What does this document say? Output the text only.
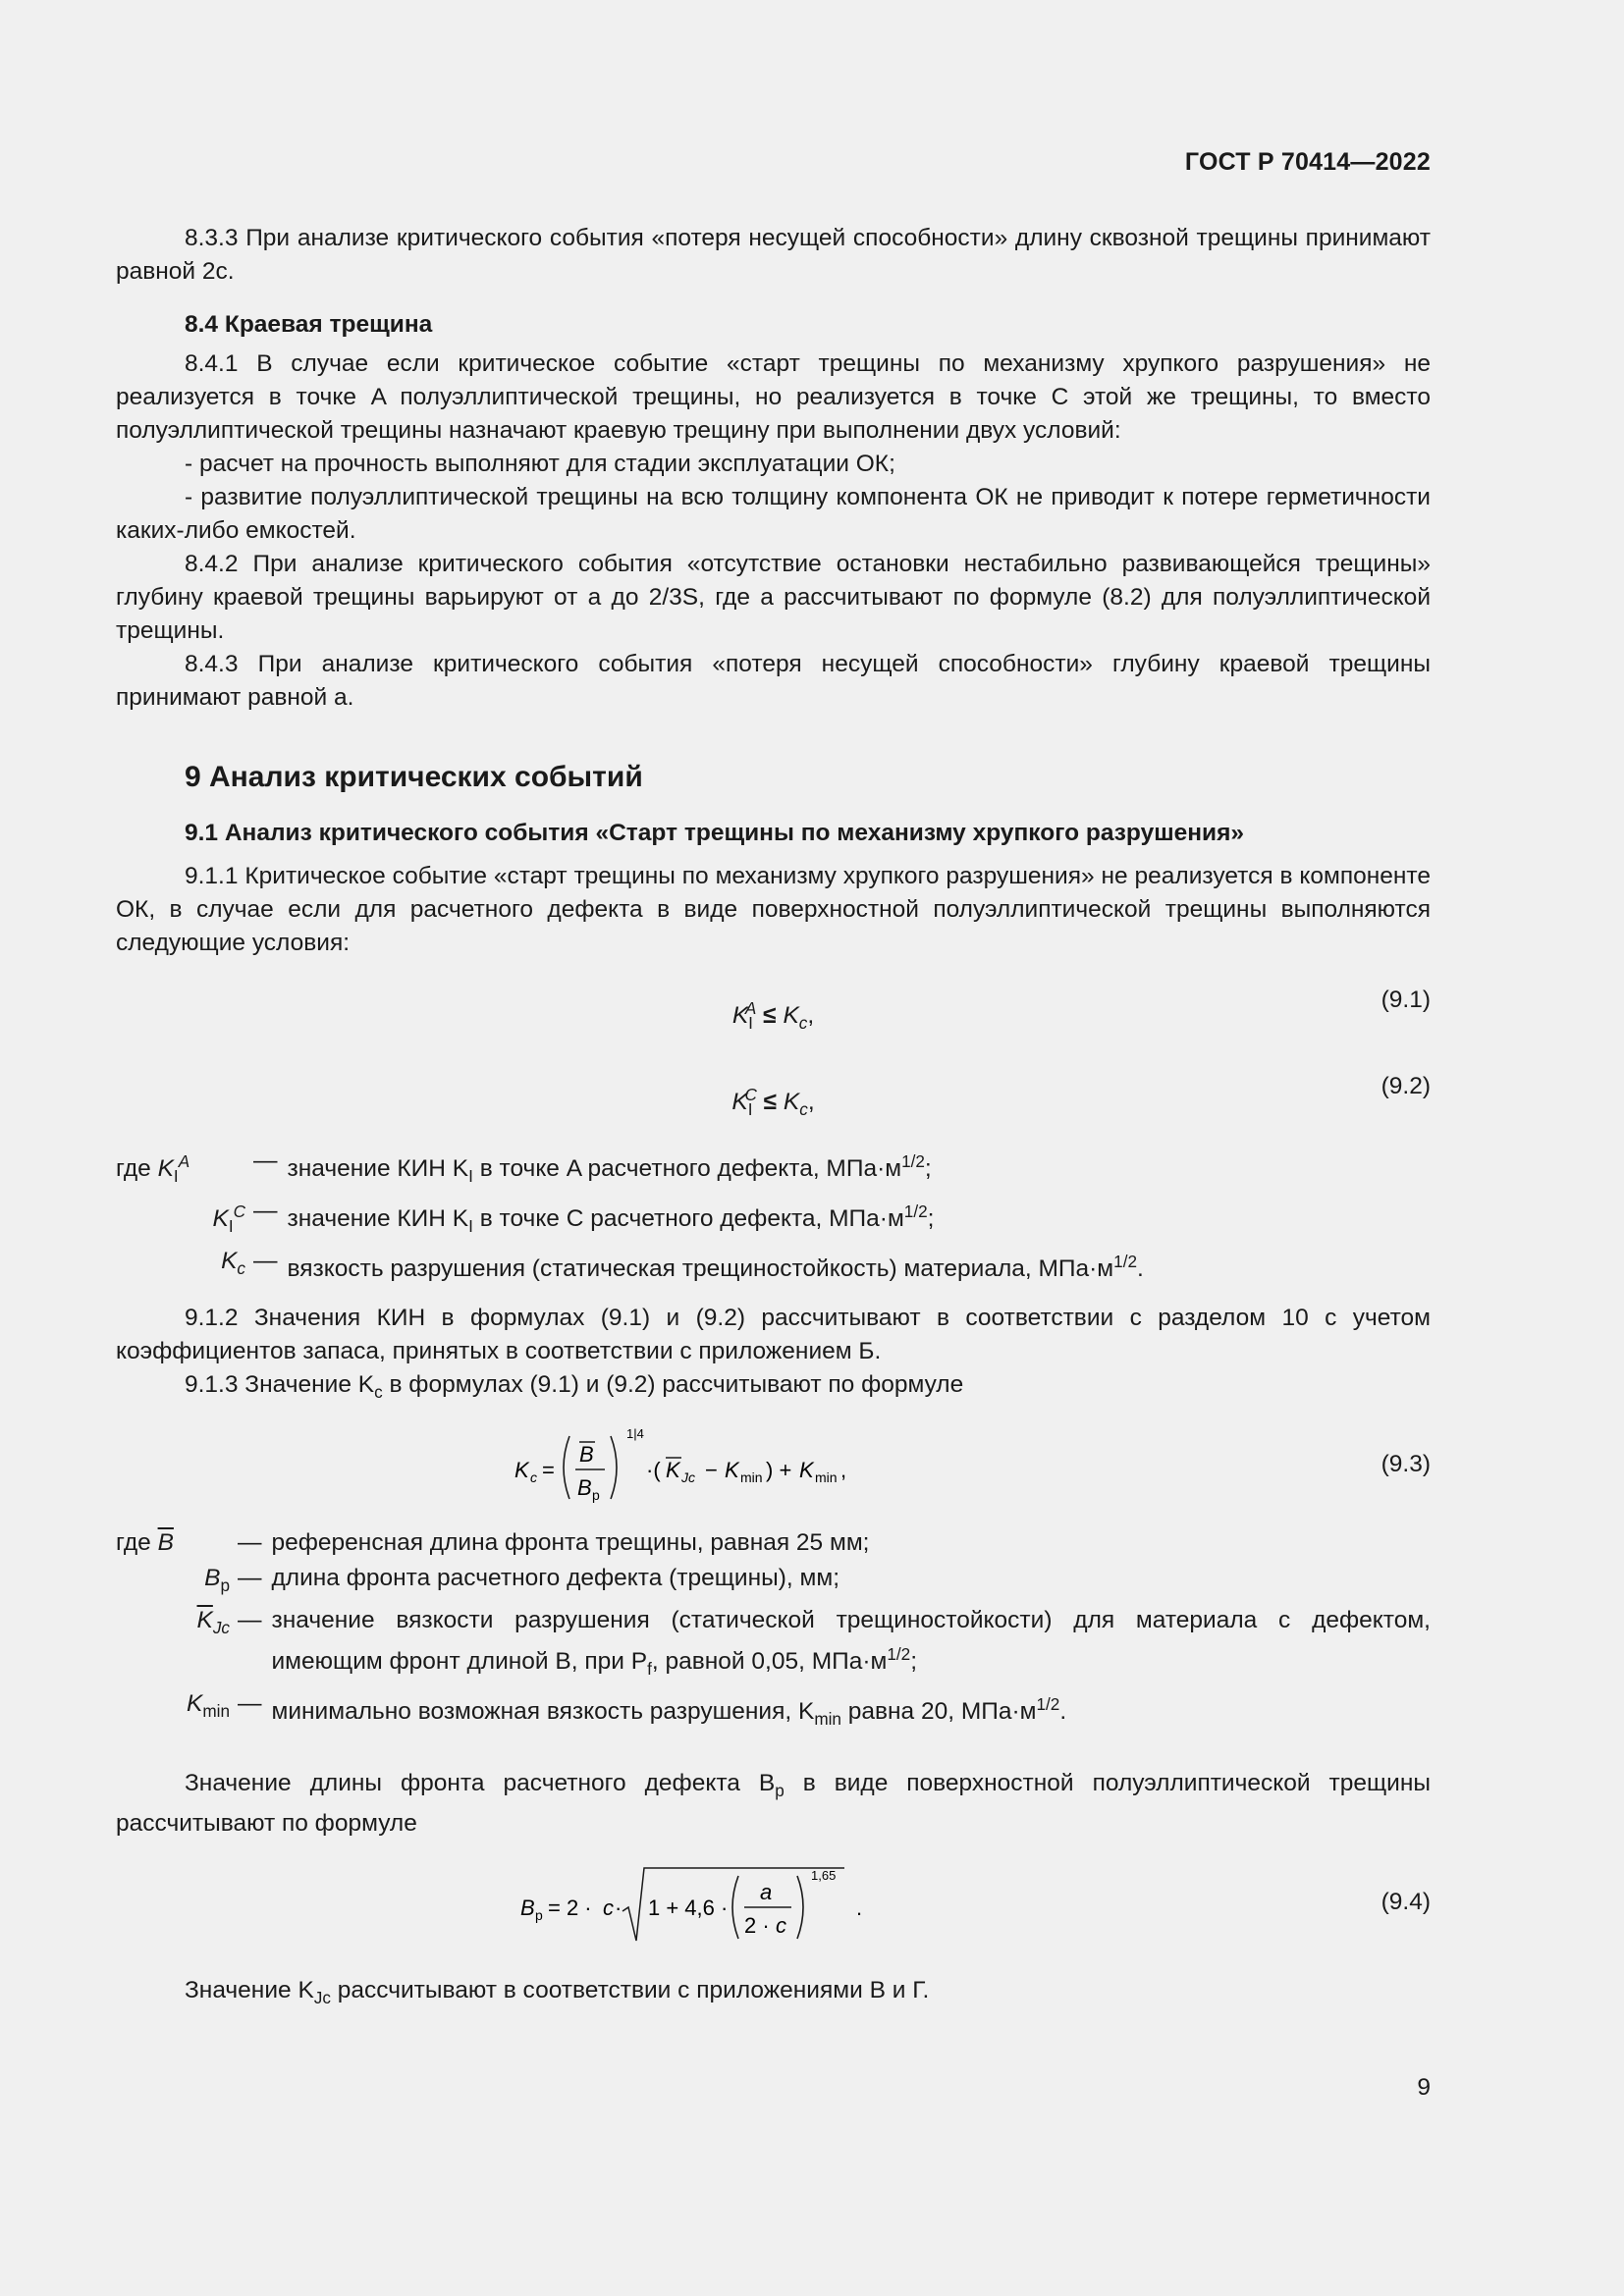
ГОСТ Р 70414—2022

8.3.3 При анализе критического события «потеря несущей способности» длину сквозной трещины принимают равной 2c.

8.4 Краевая трещина

8.4.1 В случае если критическое событие «старт трещины по механизму хрупкого разрушения» не реализуется в точке A полуэллиптической трещины, но реализуется в точке C этой же трещины, то вместо полуэллиптической трещины назначают краевую трещину при выполнении двух условий:

- расчет на прочность выполняют для стадии эксплуатации ОК;

- развитие полуэллиптической трещины на всю толщину компонента ОК не приводит к потере герметичности каких-либо емкостей.

8.4.2 При анализе критического события «отсутствие остановки нестабильно развивающейся трещины» глубину краевой трещины варьируют от a до 2/3S, где a рассчитывают по формуле (8.2) для полуэллиптической трещины.

8.4.3 При анализе критического события «потеря несущей способности» глубину краевой трещины принимают равной a.

9 Анализ критических событий
9.1 Анализ критического события «Старт трещины по механизму хрупкого разрушения»

9.1.1 Критическое событие «старт трещины по механизму хрупкого разрушения» не реализуется в компоненте ОК, в случае если для расчетного дефекта в виде поверхностной полуэллиптической трещины выполняются следующие условия:

$K_I^A \le K_c$,
(9.1)
$K_I^C \le K_c$,
(9.2)
где $K_I^A$	— значение КИН $K_I$ в точке A расчетного дефекта, $МПа\cdot м^{1/2}$;
$K_I^C$ — значение КИН $K_I$ в точке C расчетного дефекта, $МПа\cdot м^{1/2}$;
$K_c$ — вязкость разрушения (статическая трещиностойкость) материала, $МПа\cdot м^{1/2}$.

9.1.2 Значения КИН в формулах (9.1) и (9.2) рассчитывают в соответствии с разделом 10 с учетом коэффициентов запаса, принятых в соответствии с приложением Б.

9.1.3 Значение $K_c$ в формулах (9.1) и (9.2) рассчитывают по формуле

K c =
B
B p
1|4
·( K Jc − K min ) + K min ,	(9.3)
где $\overline{B}$	— референсная длина фронта трещины, равная 25 мм;
$B_p$ — длина фронта расчетного дефекта (трещины), мм;
$\overline{K}_{Jc}$ — значение вязкости разрушения (статической трещиностойкости) для материала с дефектом, имеющим фронт длиной B, при $P_f$, равной 0,05, $МПа\cdot м^{1/2}$;
$K_{min}$ — минимально возможная вязкость разрушения, $K_{min}$ равна 20, $МПа\cdot м^{1/2}$.

Значение длины фронта расчетного дефекта $B_p$ в виде поверхностной полуэллиптической трещины рассчитывают по формуле

B p = 2 · c · 1 + 4,6 ·
a
2 · c
1,65
.	(9.4)

Значение $K_{Jc}$ рассчитывают в соответствии с приложениями В и Г.

9
